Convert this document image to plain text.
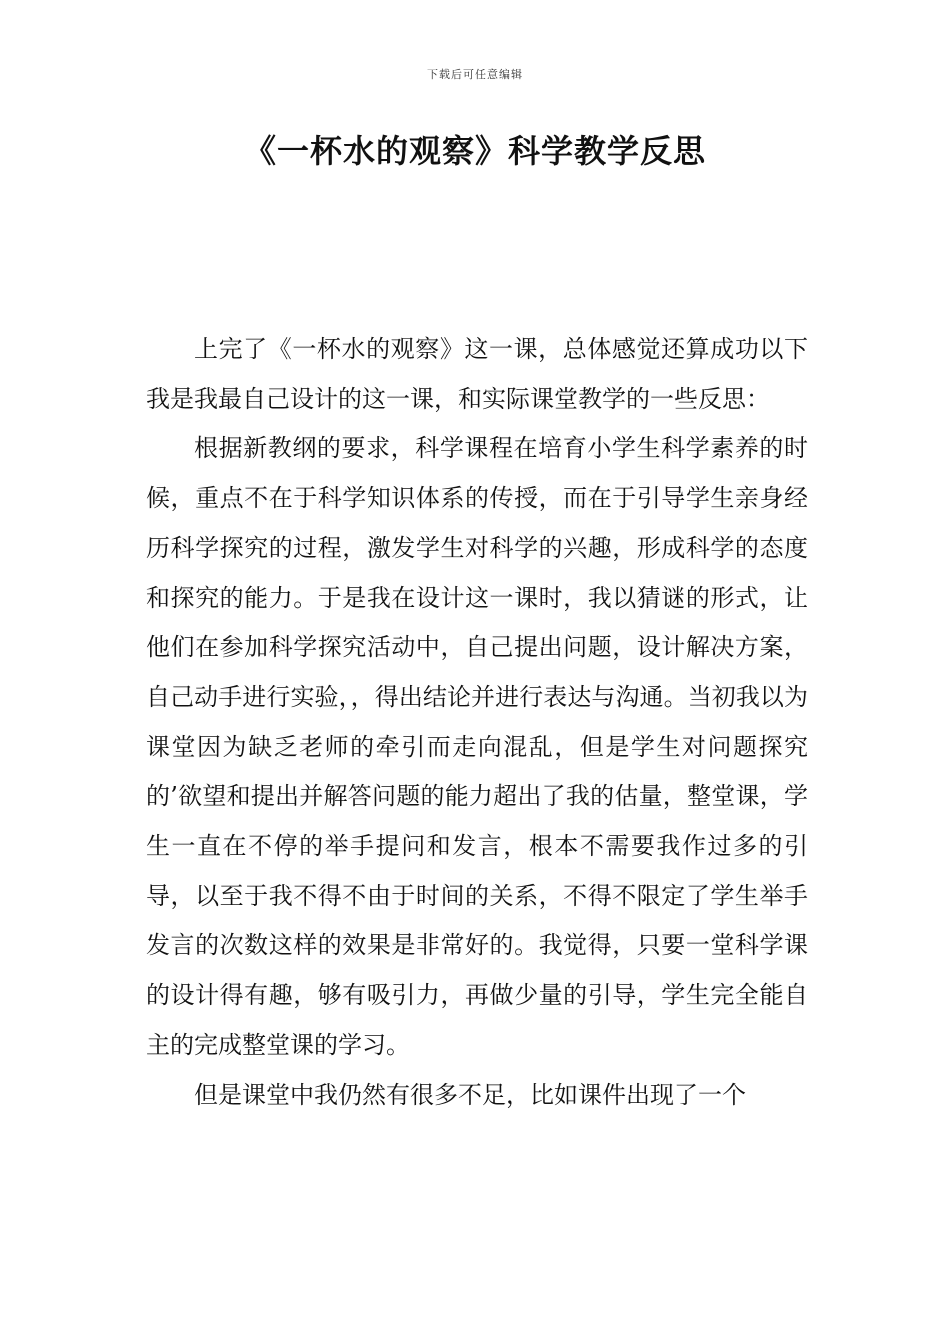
下载后可任意编辑
《一杯水的观察》科学教学反思

上完了《一杯水的观察》这一课，总体感觉还算成功以下我是我最自己设计的这一课，和实际课堂教学的一些反思：

根据新教纲的要求，科学课程在培育小学生科学素养的时候，重点不在于科学知识体系的传授，而在于引导学生亲身经历科学探究的过程，激发学生对科学的兴趣，形成科学的态度和探究的能力。于是我在设计这一课时，我以猜谜的形式，让他们在参加科学探究活动中，自己提出问题，设计解决方案，自己动手进行实验，，得出结论并进行表达与沟通。当初我以为课堂因为缺乏老师的牵引而走向混乱，但是学生对问题探究的’欲望和提出并解答问题的能力超出了我的估量，整堂课，学生一直在不停的举手提问和发言，根本不需要我作过多的引导，以至于我不得不由于时间的关系，不得不限定了学生举手发言的次数这样的效果是非常好的。我觉得，只要一堂科学课的设计得有趣，够有吸引力，再做少量的引导，学生完全能自主的完成整堂课的学习。

但是课堂中我仍然有很多不足，比如课件出现了一个
